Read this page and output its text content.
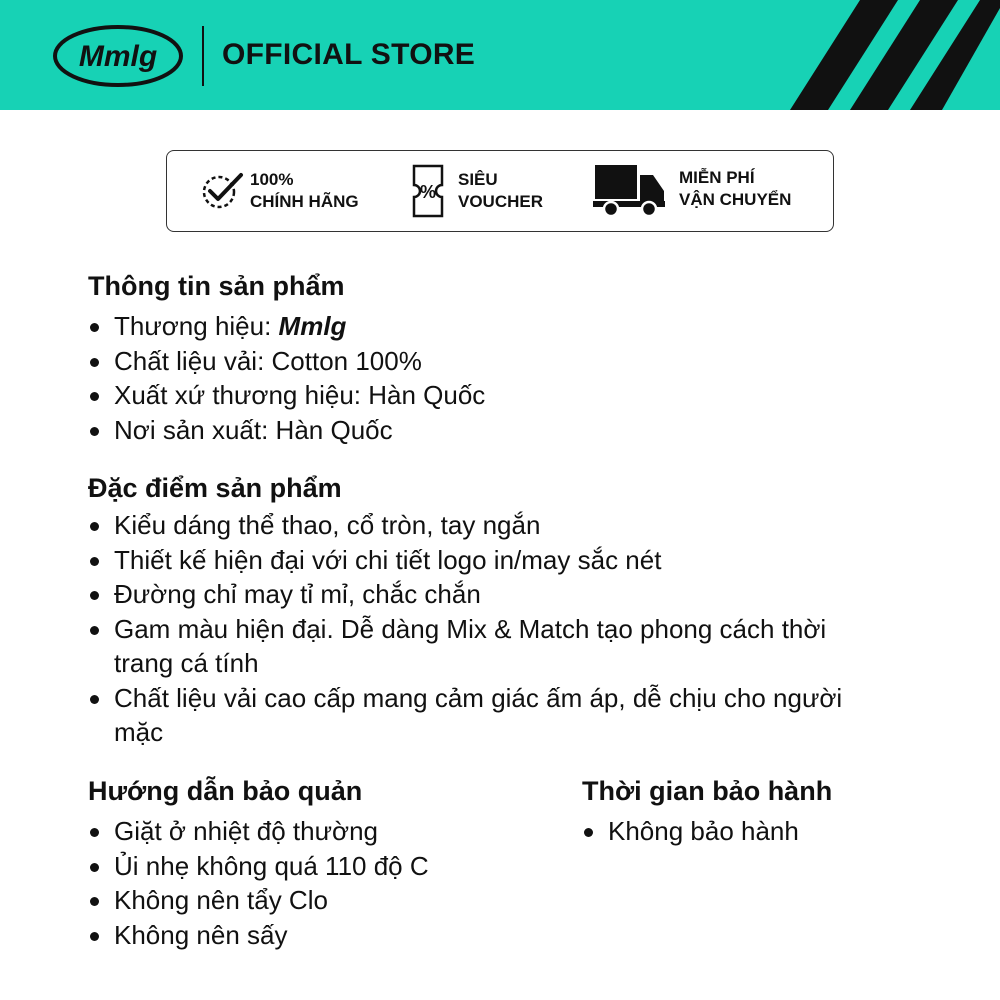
Mmlg OFFICIAL STORE
100%
CHÍNH HÃNG	%
SIÊU
VOUCHER
MIỄN PHÍ
VẬN CHUYỂN
Thông tin sản phẩm
Thương hiệu: Mmlg
Chất liệu vải: Cotton 100%
Xuất xứ thương hiệu: Hàn Quốc
Nơi sản xuất: Hàn Quốc
Đặc điểm sản phẩm
Kiểu dáng thể thao, cổ tròn, tay ngắn
Thiết kế hiện đại với chi tiết logo in/may sắc nét
Đường chỉ may tỉ mỉ, chắc chắn
Gam màu hiện đại. Dễ dàng Mix & Match tạo phong cách thời trang cá tính
Chất liệu vải cao cấp mang cảm giác ấm áp, dễ chịu cho người mặc
Hướng dẫn bảo quản
Giặt ở nhiệt độ thường
Ủi nhẹ không quá 110 độ C
Không nên tẩy Clo
Không nên sấy
Thời gian bảo hành
Không bảo hành
